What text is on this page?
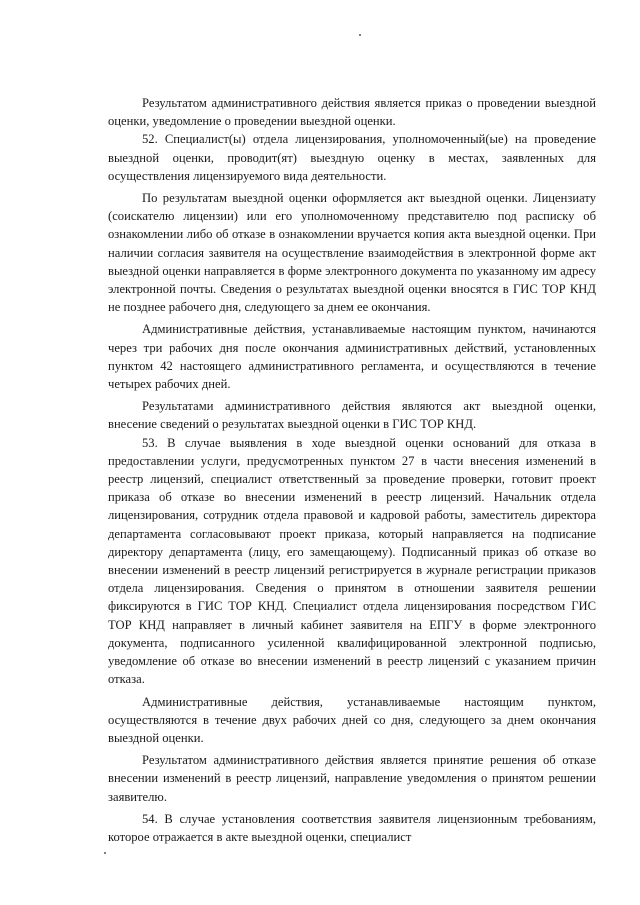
Результатом административного действия является приказ о проведении выездной оценки, уведомление о проведении выездной оценки.

52. Специалист(ы) отдела лицензирования, уполномоченный(ые) на проведение выездной оценки, проводит(ят) выездную оценку в местах, заявленных для осуществления лицензируемого вида деятельности.

По результатам выездной оценки оформляется акт выездной оценки. Лицензиату (соискателю лицензии) или его уполномоченному представителю под расписку об ознакомлении либо об отказе в ознакомлении вручается копия акта выездной оценки. При наличии согласия заявителя на осуществление взаимодействия в электронной форме акт выездной оценки направляется в форме электронного документа по указанному им адресу электронной почты. Сведения о результатах выездной оценки вносятся в ГИС ТОР КНД не позднее рабочего дня, следующего за днем ее окончания.

Административные действия, устанавливаемые настоящим пунктом, начинаются через три рабочих дня после окончания административных действий, установленных пунктом 42 настоящего административного регламента, и осуществляются в течение четырех рабочих дней.

Результатами административного действия являются акт выездной оценки, внесение сведений о результатах выездной оценки в ГИС ТОР КНД.

53. В случае выявления в ходе выездной оценки оснований для отказа в предоставлении услуги, предусмотренных пунктом 27 в части внесения изменений в реестр лицензий, специалист ответственный за проведение проверки, готовит проект приказа об отказе во внесении изменений в реестр лицензий. Начальник отдела лицензирования, сотрудник отдела правовой и кадровой работы, заместитель директора департамента согласовывают проект приказа, который направляется на подписание директору департамента (лицу, его замещающему). Подписанный приказ об отказе во внесении изменений в реестр лицензий регистрируется в журнале регистрации приказов отдела лицензирования. Сведения о принятом в отношении заявителя решении фиксируются в ГИС ТОР КНД. Специалист отдела лицензирования посредством ГИС ТОР КНД направляет в личный кабинет заявителя на ЕПГУ в форме электронного документа, подписанного усиленной квалифицированной электронной подписью, уведомление об отказе во внесении изменений в реестр лицензий с указанием причин отказа.

Административные действия, устанавливаемые настоящим пунктом, осуществляются в течение двух рабочих дней со дня, следующего за днем окончания выездной оценки.

Результатом административного действия является принятие решения об отказе внесении изменений в реестр лицензий, направление уведомления о принятом решении заявителю.

54. В случае установления соответствия заявителя лицензионным требованиям, которое отражается в акте выездной оценки, специалист
